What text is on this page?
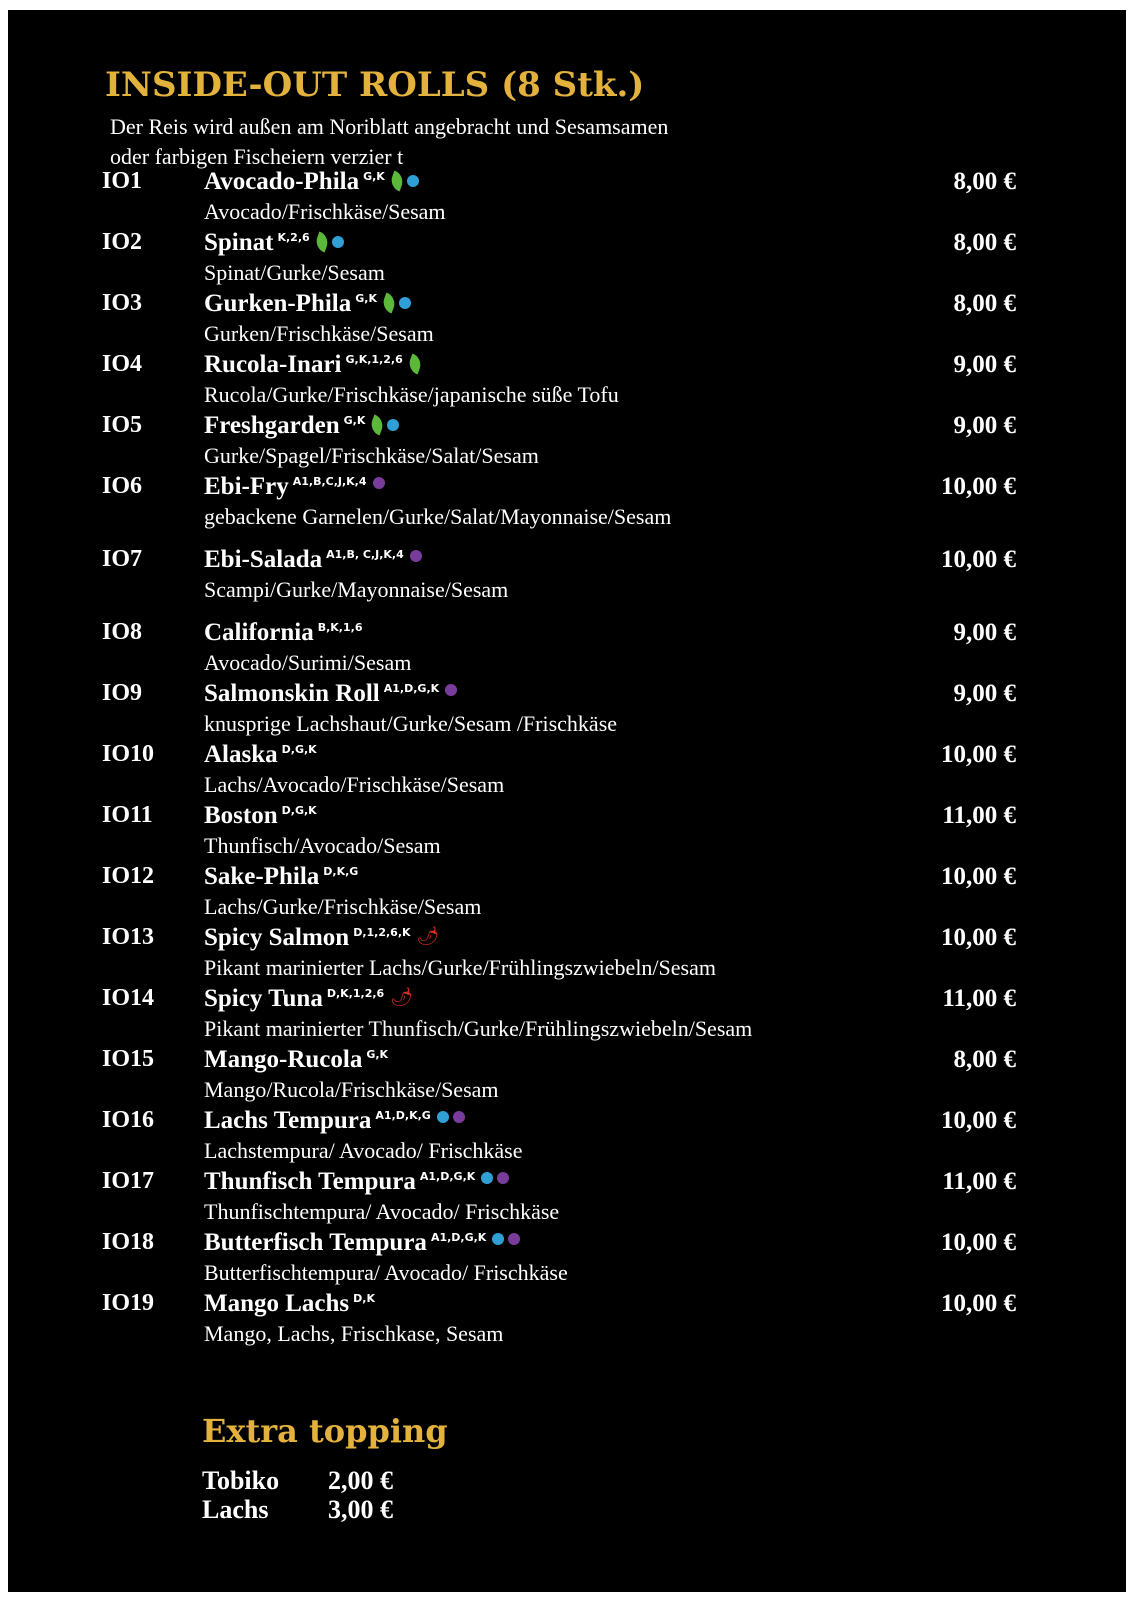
INSIDE-OUT ROLLS (8 Stk.)
Der Reis wird außen am Noriblatt angebracht und Sesamsamen
oder farbigen Fischeiern verzier t
IO1 Avocado-Phila G,K
Avocado/Frischkäse/Sesam
8,00 €
IO2 Spinat K,2,6
Spinat/Gurke/Sesam
8,00 €
IO3 Gurken-Phila G,K
Gurken/Frischkäse/Sesam
8,00 €
IO4 Rucola-Inari G,K,1,2,6
Rucola/Gurke/Frischkäse/japanische süße Tofu
9,00 €
IO5 Freshgarden G,K
Gurke/Spagel/Frischkäse/Salat/Sesam
9,00 €
IO6 Ebi-Fry A1,B,C,J,K,4
gebackene Garnelen/Gurke/Salat/Mayonnaise/Sesam
10,00 €
IO7 Ebi-Salada A1,B, C,J,K,4
Scampi/Gurke/Mayonnaise/Sesam
10,00 €
IO8 California B,K,1,6
Avocado/Surimi/Sesam
9,00 €
IO9 Salmonskin Roll A1,D,G,K
knusprige Lachshaut/Gurke/Sesam /Frischkäse
9,00 €
IO10 Alaska D,G,K
Lachs/Avocado/Frischkäse/Sesam
10,00 €
IO11 Boston D,G,K
Thunfisch/Avocado/Sesam
11,00 €
IO12 Sake-Phila D,K,G
Lachs/Gurke/Frischkäse/Sesam
10,00 €
IO13 Spicy Salmon D,1,2,6,K 🌶
Pikant marinierter Lachs/Gurke/Frühlingszwiebeln/Sesam
10,00 €
IO14 Spicy Tuna D,K,1,2,6 🌶
Pikant marinierter Thunfisch/Gurke/Frühlingszwiebeln/Sesam
11,00 €
IO15 Mango-Rucola G,K
Mango/Rucola/Frischkäse/Sesam
8,00 €
IO16 Lachs Tempura A1,D,K,G
Lachstempura/ Avocado/ Frischkäse
10,00 €
IO17 Thunfisch Tempura A1,D,G,K
Thunfischtempura/ Avocado/ Frischkäse
11,00 €
IO18 Butterfisch Tempura A1,D,G,K
Butterfischtempura/ Avocado/ Frischkäse
10,00 €
IO19 Mango Lachs D,K
Mango, Lachs, Frischkase, Sesam
10,00 €
Extra topping
Tobiko 2,00 €
Lachs 3,00 €
